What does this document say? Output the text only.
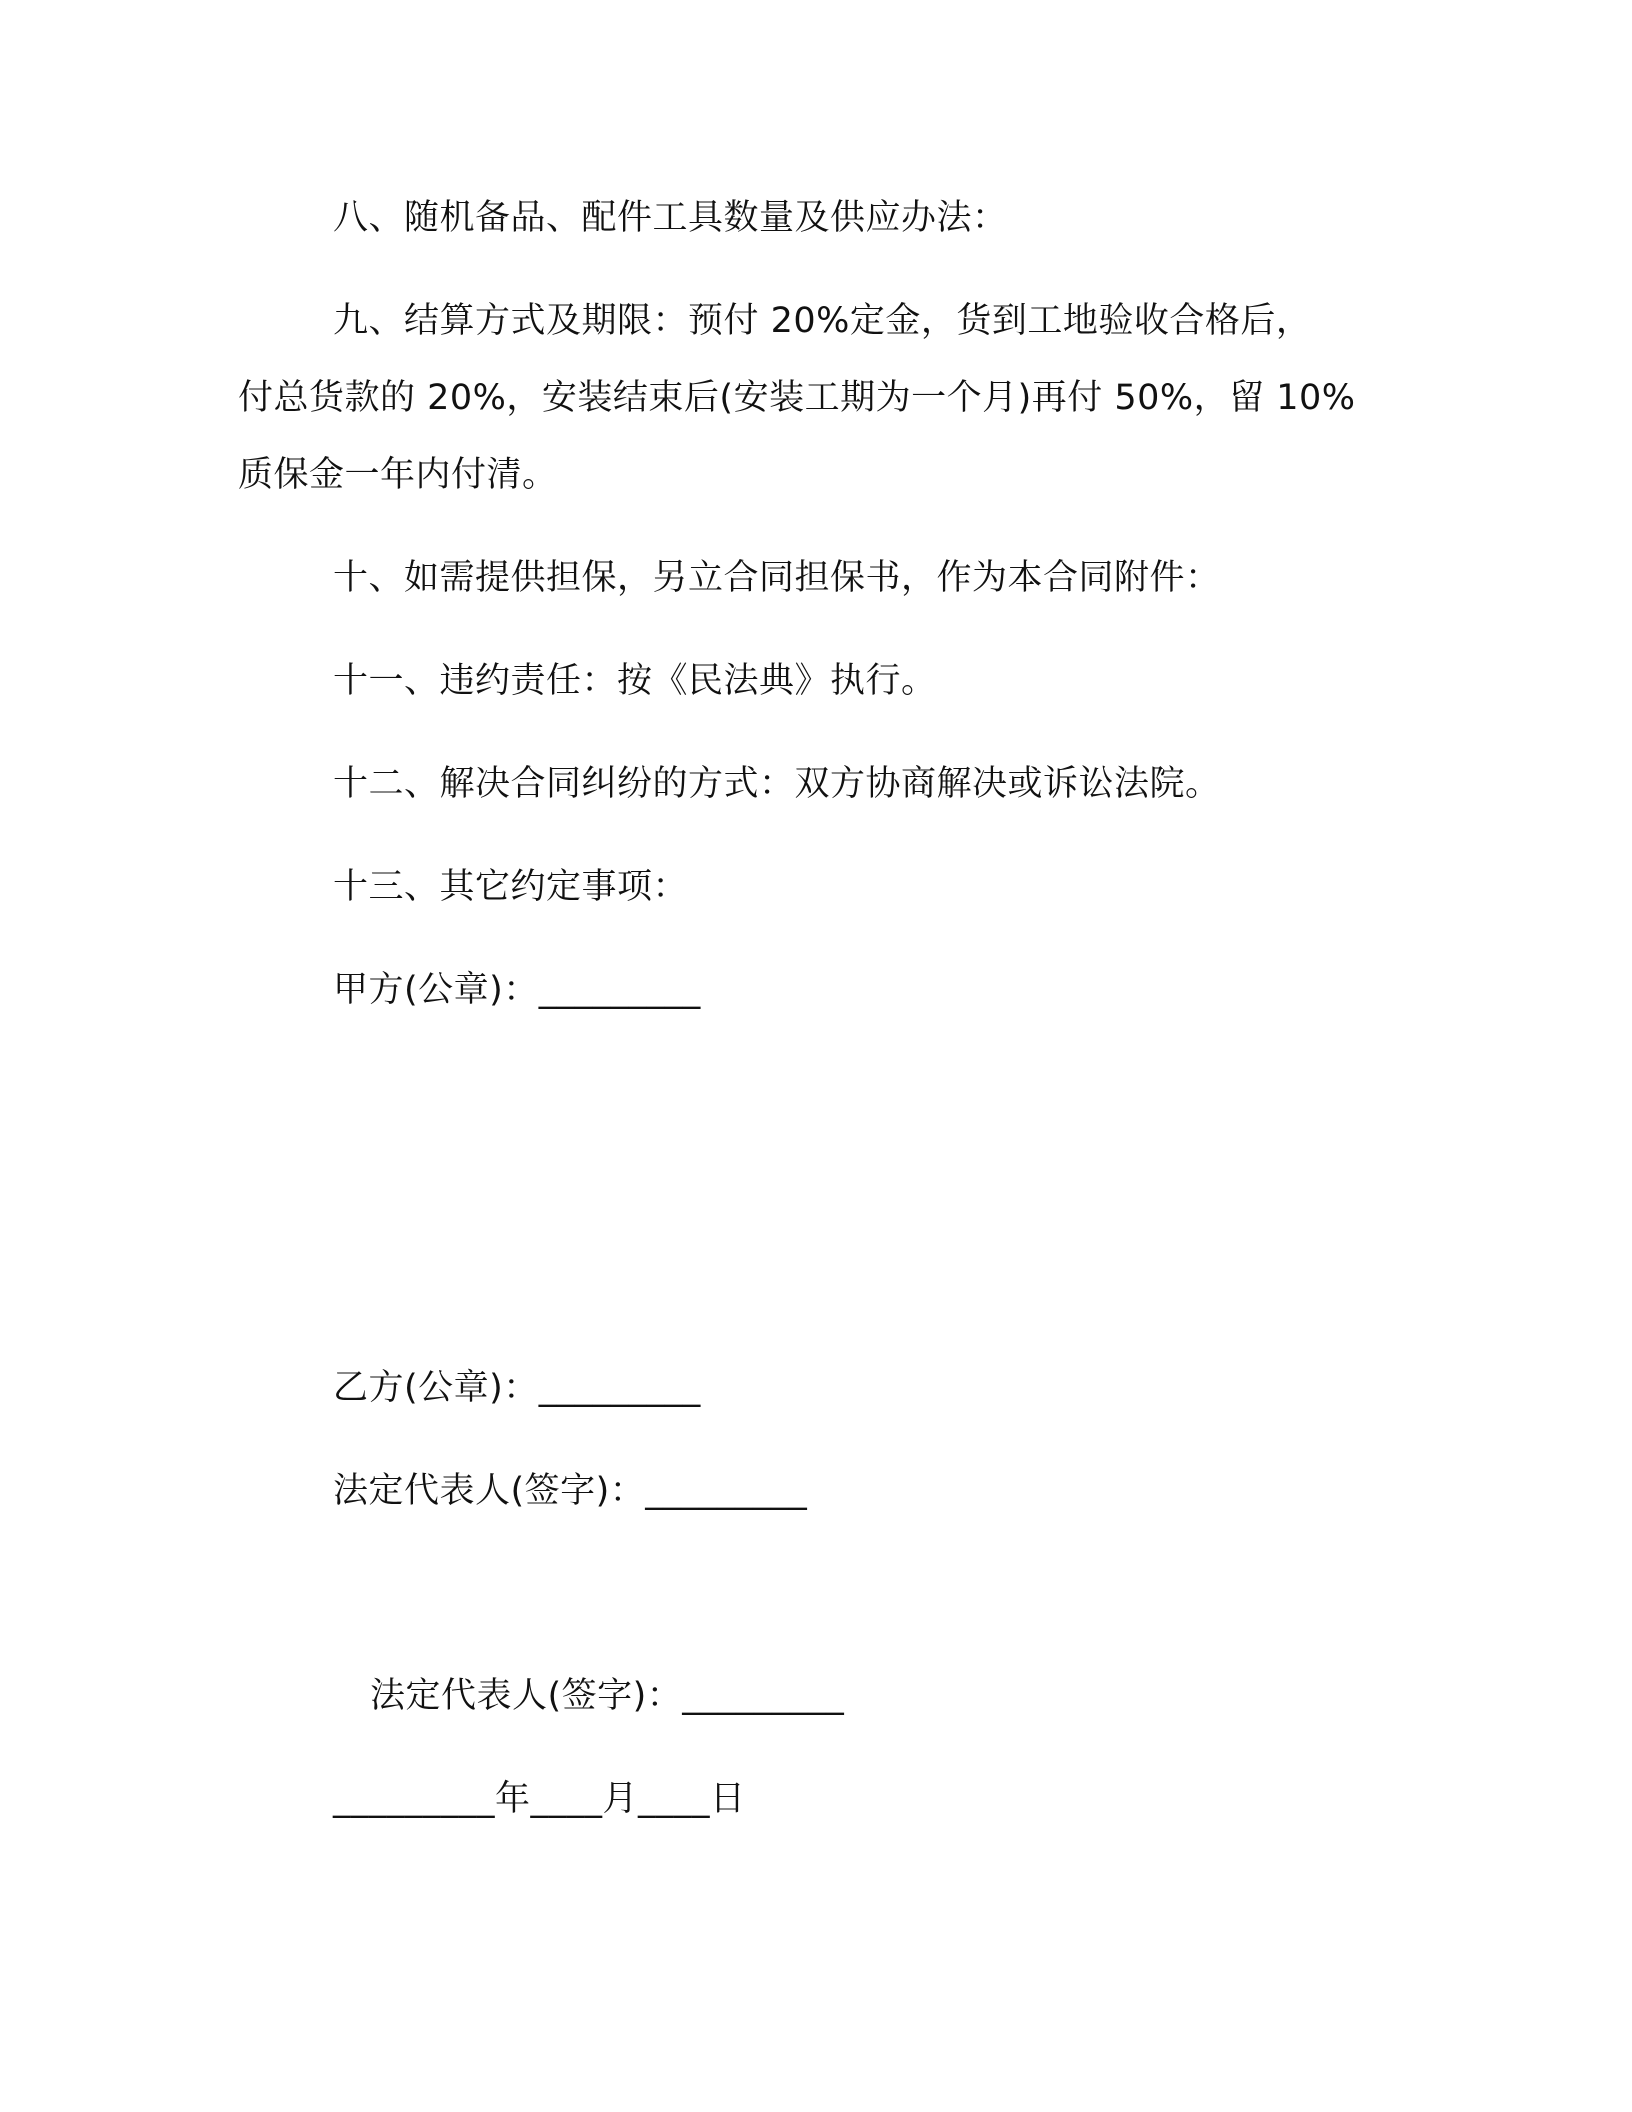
八、随机备品、配件工具数量及供应办法：
九、结算方式及期限：预付 20%定金，货到工地验收合格后，
付总货款的 20%，安装结束后(安装工期为一个月)再付 50%，留 10%
质保金一年内付清。
十、如需提供担保，另立合同担保书，作为本合同附件：
十一、违约责任：按《民法典》执行。
十二、解决合同纠纷的方式：双方协商解决或诉讼法院。
十三、其它约定事项：
甲方(公章)：_________
乙方(公章)：_________
法定代表人(签字)：_________
法定代表人(签字)：_________
_________年____月____日
